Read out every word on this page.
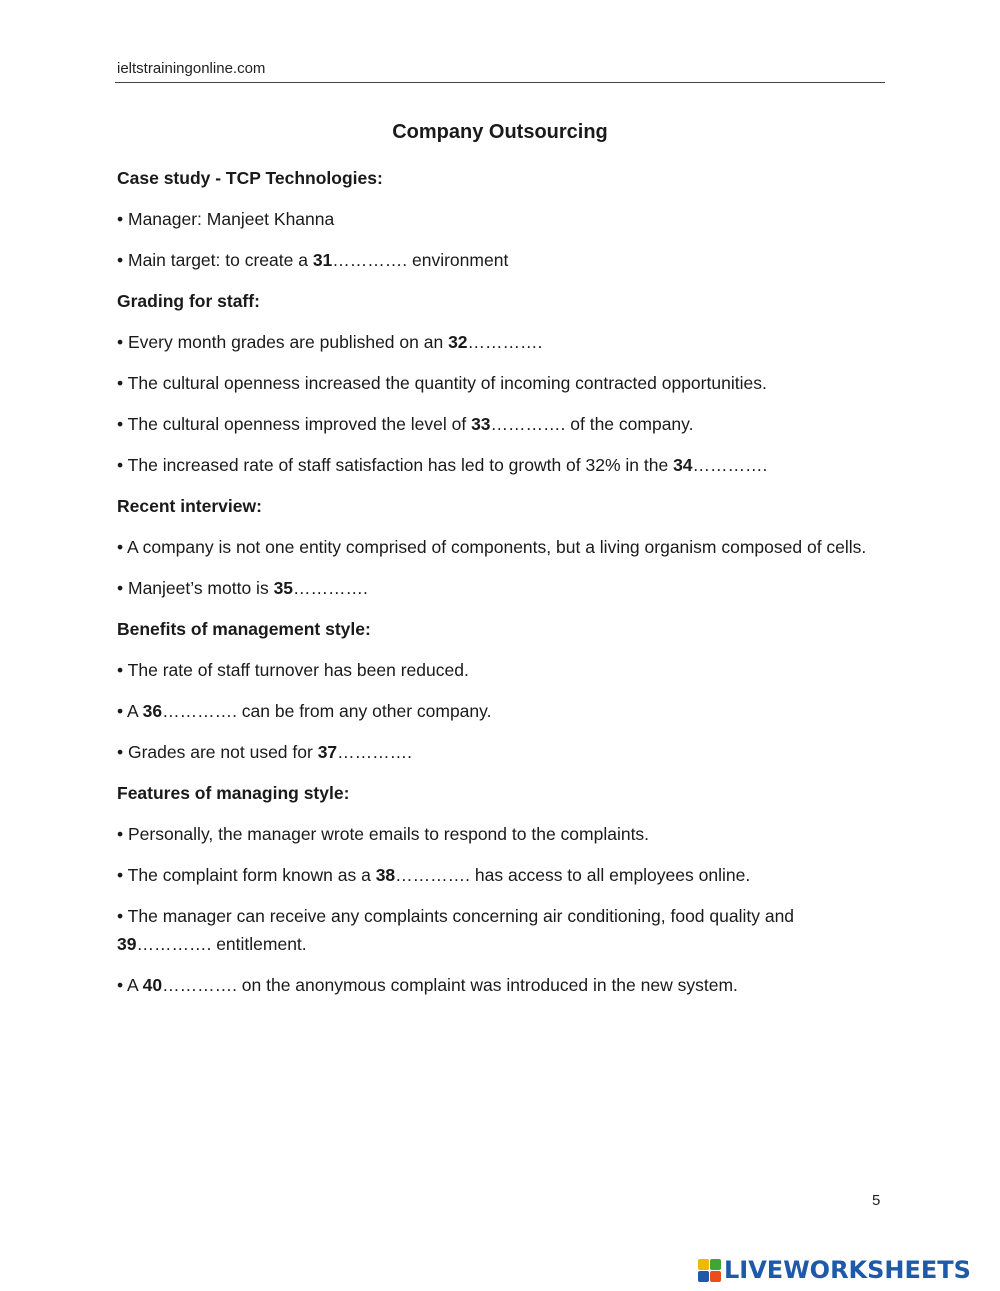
ieltstrainingonline.com
Company Outsourcing
Case study - TCP Technologies:

• Manager: Manjeet Khanna

• Main target: to create a 31…………. environment

Grading for staff:

• Every month grades are published on an 32………….

• The cultural openness increased the quantity of incoming contracted opportunities.

• The cultural openness improved the level of 33…………. of the company.

• The increased rate of staff satisfaction has led to growth of 32% in the 34………….

Recent interview:

• A company is not one entity comprised of components, but a living organism composed of cells.

• Manjeet’s motto is 35………….

Benefits of management style:

• The rate of staff turnover has been reduced.

• A 36…………. can be from any other company.

• Grades are not used for 37………….

Features of managing style:

• Personally, the manager wrote emails to respond to the complaints.

• The complaint form known as a 38…………. has access to all employees online.

• The manager can receive any complaints concerning air conditioning, food quality and 39…………. entitlement.

• A 40…………. on the anonymous complaint was introduced in the new system.

5
LIVEWORKSHEETS
